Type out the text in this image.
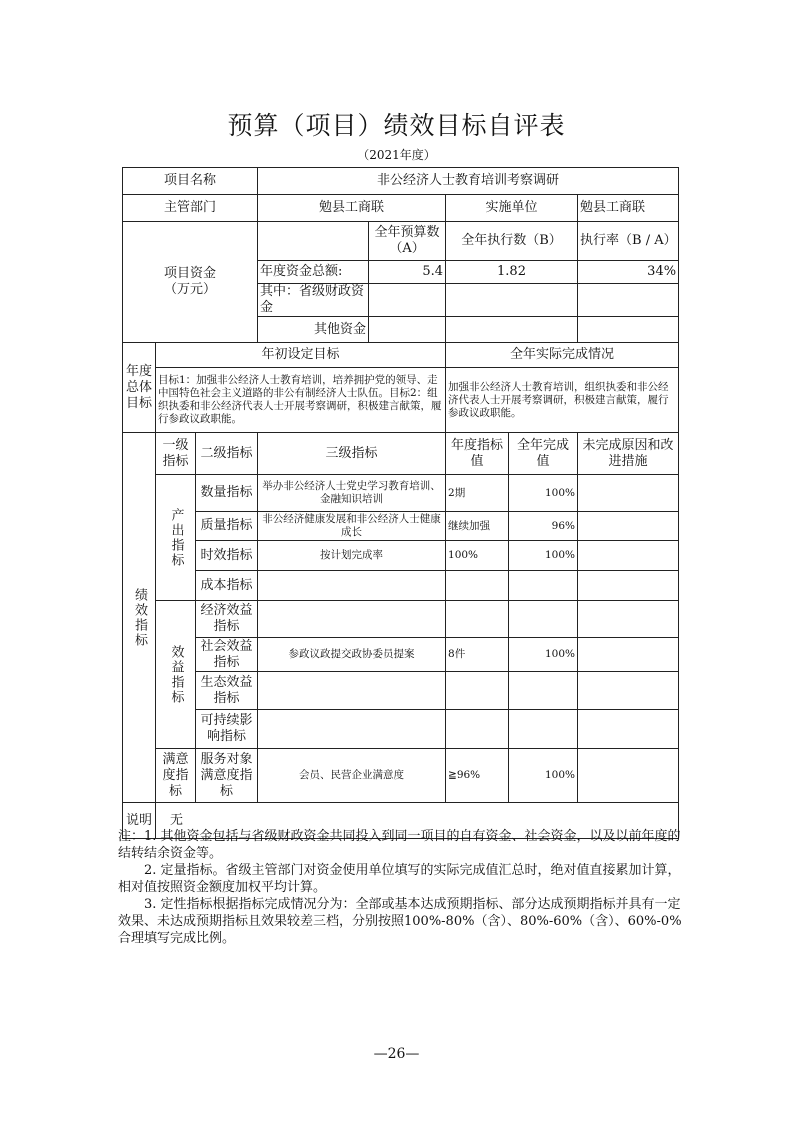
预算（项目）绩效目标自评表
（2021年度）
项目名称			非公经济人士教育培训考察调研				
主管部门			勉县工商联		实施单位		勉县工商联
项目资金
（万元）				全年预算数（A）	全年执行数（B）		执行率（B / A）
			年度资金总额:	5.4	1.82		34%
			其中：省级财政资金				
			其他资金				
年度总体目标	年初设定目标				全年实际完成情况		
	目标1：加强非公经济人士教育培训，培养拥护党的领导、走中国特色社会主义道路的非公有制经济人士队伍。目标2：组织执委和非公经济代表人士开展考察调研，积极建言献策，履行参政议政职能。				加强非公经济人士教育培训，组织执委和非公经济代表人士开展考察调研，积极建言献策，履行参政议政职能。		

绩效指标	一级指标	二级指标	三级指标		年度指标值	全年完成值	未完成原因和改进措施

	产出指标	数量指标	举办非公经济人士党史学习教育培训、金融知识培训		2期	100%	
		质量指标	非公经济健康发展和非公经济人士健康成长		继续加强	96%	
		时效指标	按计划完成率		100%	100%	
		成本指标					

	效益指标	经济效益指标					
		社会效益指标	参政议政提交政协委员提案		8件	100%	
		生态效益指标					
		可持续影响指标					
	满意度指标	服务对象满意度指标	会员、民营企业满意度		≧96%	100%	
说明	无						

注：1. 其他资金包括与省级财政资金共同投入到同一项目的自有资金、社会资金，以及以前年度的结转结余资金等。

2. 定量指标。省级主管部门对资金使用单位填写的实际完成值汇总时，绝对值直接累加计算，相对值按照资金额度加权平均计算。

3. 定性指标根据指标完成情况分为：全部或基本达成预期指标、部分达成预期指标并具有一定效果、未达成预期指标且效果较差三档，分别按照100%-80%（含）、80%-60%（含）、60%-0%合理填写完成比例。

—26—
